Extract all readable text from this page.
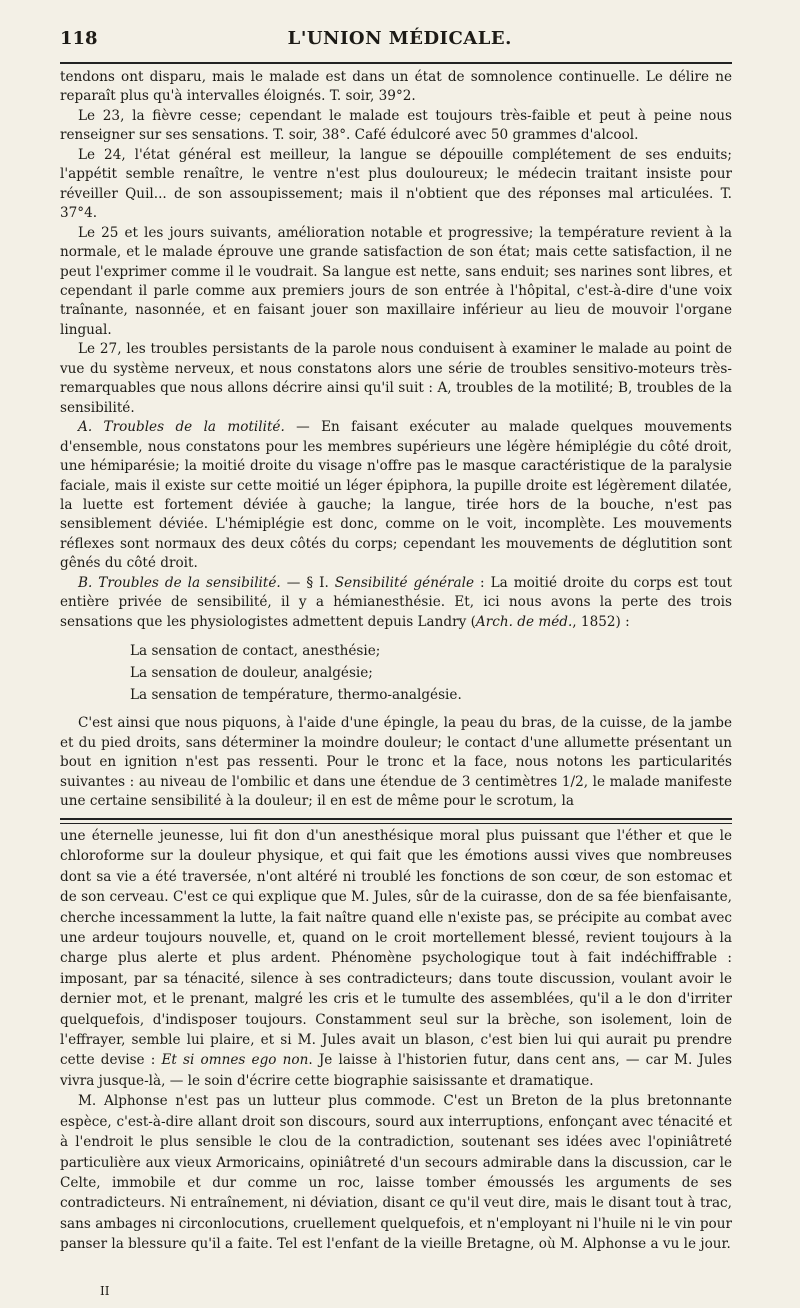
118	L'UNION MÉDICALE.

tendons ont disparu, mais le malade est dans un état de somnolence continuelle. Le délire ne reparaît plus qu'à intervalles éloignés. T. soir, 39°2.

Le 23, la fièvre cesse; cependant le malade est toujours très-faible et peut à peine nous renseigner sur ses sensations. T. soir, 38°. Café édulcoré avec 50 grammes d'alcool.

Le 24, l'état général est meilleur, la langue se dépouille complétement de ses enduits; l'appétit semble renaître, le ventre n'est plus douloureux; le médecin traitant insiste pour réveiller Quil... de son assoupissement; mais il n'obtient que des réponses mal articulées. T. 37°4.

Le 25 et les jours suivants, amélioration notable et progressive; la température revient à la normale, et le malade éprouve une grande satisfaction de son état; mais cette satisfaction, il ne peut l'exprimer comme il le voudrait. Sa langue est nette, sans enduit; ses narines sont libres, et cependant il parle comme aux premiers jours de son entrée à l'hôpital, c'est-à-dire d'une voix traînante, nasonnée, et en faisant jouer son maxillaire inférieur au lieu de mouvoir l'organe lingual.

Le 27, les troubles persistants de la parole nous conduisent à examiner le malade au point de vue du système nerveux, et nous constatons alors une série de troubles sensitivo-moteurs très-remarquables que nous allons décrire ainsi qu'il suit : A, troubles de la motilité; B, troubles de la sensibilité.

A. Troubles de la motilité. — En faisant exécuter au malade quelques mouvements d'ensemble, nous constatons pour les membres supérieurs une légère hémiplégie du côté droit, une hémiparésie; la moitié droite du visage n'offre pas le masque caractéristique de la paralysie faciale, mais il existe sur cette moitié un léger épiphora, la pupille droite est légèrement dilatée, la luette est fortement déviée à gauche; la langue, tirée hors de la bouche, n'est pas sensiblement déviée. L'hémiplégie est donc, comme on le voit, incomplète. Les mouvements réflexes sont normaux des deux côtés du corps; cependant les mouvements de déglutition sont gênés du côté droit.

B. Troubles de la sensibilité. — § I. Sensibilité générale : La moitié droite du corps est tout entière privée de sensibilité, il y a hémianesthésie. Et, ici nous avons la perte des trois sensations que les physiologistes admettent depuis Landry (Arch. de méd., 1852) :

La sensation de contact, anesthésie;
La sensation de douleur, analgésie;
La sensation de température, thermo-analgésie.

C'est ainsi que nous piquons, à l'aide d'une épingle, la peau du bras, de la cuisse, de la jambe et du pied droits, sans déterminer la moindre douleur; le contact d'une allumette présentant un bout en ignition n'est pas ressenti. Pour le tronc et la face, nous notons les particularités suivantes : au niveau de l'ombilic et dans une étendue de 3 centimètres 1/2, le malade manifeste une certaine sensibilité à la douleur; il en est de même pour le scrotum, la

une éternelle jeunesse, lui fit don d'un anesthésique moral plus puissant que l'éther et que le chloroforme sur la douleur physique, et qui fait que les émotions aussi vives que nombreuses dont sa vie a été traversée, n'ont altéré ni troublé les fonctions de son cœur, de son estomac et de son cerveau. C'est ce qui explique que M. Jules, sûr de la cuirasse, don de sa fée bienfaisante, cherche incessamment la lutte, la fait naître quand elle n'existe pas, se précipite au combat avec une ardeur toujours nouvelle, et, quand on le croit mortellement blessé, revient toujours à la charge plus alerte et plus ardent. Phénomène psychologique tout à fait indéchiffrable : imposant, par sa ténacité, silence à ses contradicteurs; dans toute discussion, voulant avoir le dernier mot, et le prenant, malgré les cris et le tumulte des assemblées, qu'il a le don d'irriter quelquefois, d'indisposer toujours. Constamment seul sur la brèche, son isolement, loin de l'effrayer, semble lui plaire, et si M. Jules avait un blason, c'est bien lui qui aurait pu prendre cette devise : Et si omnes ego non. Je laisse à l'historien futur, dans cent ans, — car M. Jules vivra jusque-là, — le soin d'écrire cette biographie saisissante et dramatique.

M. Alphonse n'est pas un lutteur plus commode. C'est un Breton de la plus bretonnante espèce, c'est-à-dire allant droit son discours, sourd aux interruptions, enfonçant avec ténacité et à l'endroit le plus sensible le clou de la contradiction, soutenant ses idées avec l'opiniâtreté particulière aux vieux Armoricains, opiniâtreté d'un secours admirable dans la discussion, car le Celte, immobile et dur comme un roc, laisse tomber émoussés les arguments de ses contradicteurs. Ni entraînement, ni déviation, disant ce qu'il veut dire, mais le disant tout à trac, sans ambages ni circonlocutions, cruellement quelquefois, et n'employant ni l'huile ni le vin pour panser la blessure qu'il a faite. Tel est l'enfant de la vieille Bretagne, où M. Alphonse a vu le jour.

II
